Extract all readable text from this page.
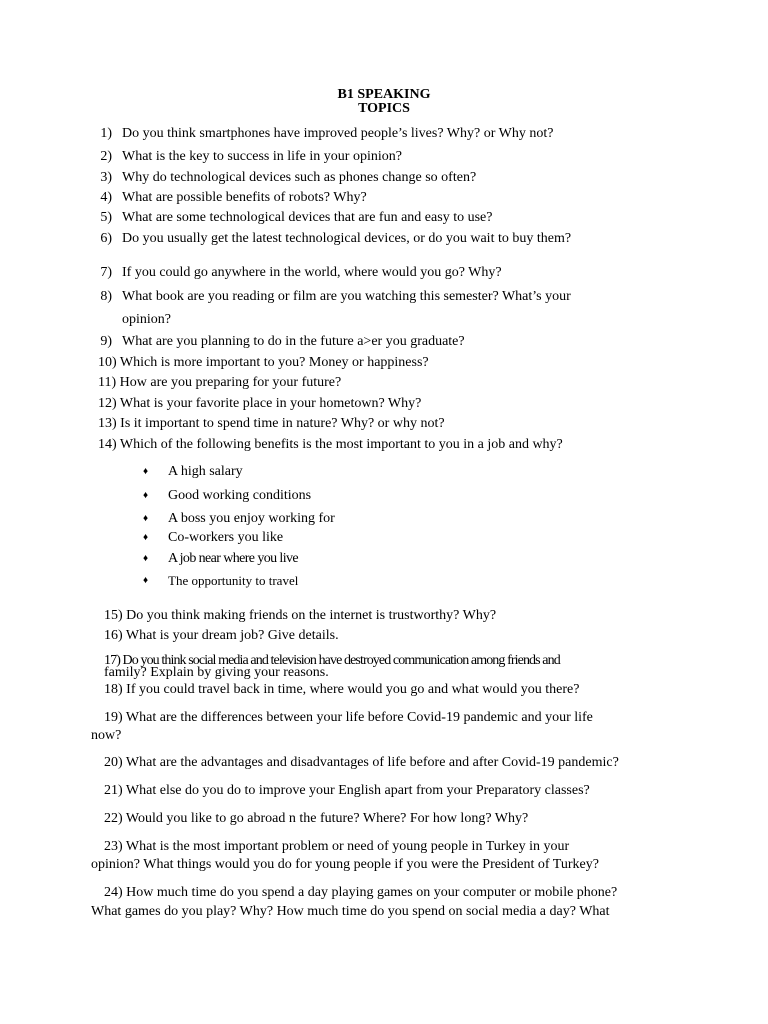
B1 SPEAKING
TOPICS
1) Do you think smartphones have improved people’s lives? Why? or Why not?
2) What is the key to success in life in your opinion?
3) Why do technological devices such as phones change so often?
4) What are possible benefits of robots? Why?
5) What are some technological devices that are fun and easy to use?
6) Do you usually get the latest technological devices, or do you wait to buy them?
7) If you could go anywhere in the world, where would you go? Why?
8) What book are you reading or film are you watching this semester? What’s your
opinion?
9) What are you planning to do in the future a>er you graduate?
10) Which is more important to you? Money or happiness?
11) How are you preparing for your future?
12) What is your favorite place in your hometown? Why?
13) Is it important to spend time in nature? Why? or why not?
14) Which of the following benefits is the most important to you in a job and why?
♦ A high salary
♦ Good working conditions
♦ A boss you enjoy working for
♦ Co-workers you like
♦ A job near where you live
♦ The opportunity to travel
15) Do you think making friends on the internet is trustworthy? Why?
16) What is your dream job? Give details.
17) Do you think social media and television have destroyed communication among friends and
family? Explain by giving your reasons.
18) If you could travel back in time, where would you go and what would you there?
19) What are the differences between your life before Covid-19 pandemic and your life
now?
20) What are the advantages and disadvantages of life before and after Covid-19 pandemic?
21) What else do you do to improve your English apart from your Preparatory classes?
22) Would you like to go abroad n the future? Where? For how long? Why?
23) What is the most important problem or need of young people in Turkey in your
opinion? What things would you do for young people if you were the President of Turkey?
24) How much time do you spend a day playing games on your computer or mobile phone?
What games do you play? Why? How much time do you spend on social media a day? What
